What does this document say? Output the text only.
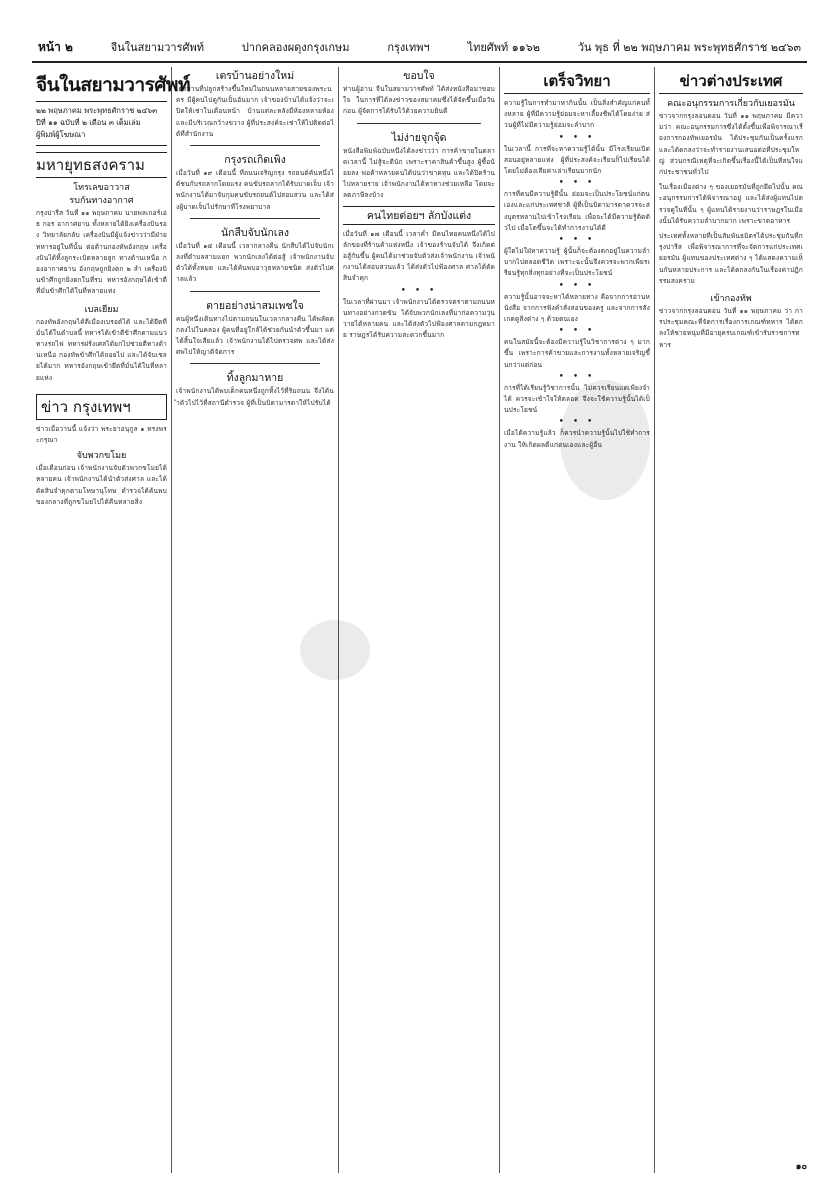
หน้า ๒	จีนในสยามวารศัพท์	ปากคลองผดุงกรุงเกษม	กรุงเทพฯ	ไทยศัพท์ ๑๑๖๒	วัน พุธ ที่ ๒๒ พฤษภาคม พระพุทธศักราช ๒๔๖๓
จีนในสยามวารศัพท์
๒๒ พฤษภาคม พระพุทธศักราช ๒๔๖๓
ปีที่ ๑๑ ฉบับที่ ๒ เดือน ๓ เต็มเล่ม
ผู้พิมพ์ผู้โฆษณา
มหายุทธสงคราม
โทรเลขอาวาส
รบกันทางอากาศ
กรุงปารีส วันที่ ๑๑ พฤษภาคม นายพลเกอร์เอธ กอร อากาศยาน ทั้งหลายได้ยิงเครื่องบินรอง วิทยาลัยกลับ เครื่องบินมีผู้แจ้งข่าวว่ามีฝ่ายทหารอยู่ในที่นั้น ต่อต้านกองทัพอังกฤษ เครื่องบินได้ทิ้งลูกระเบิดหลายลูก ทางด้านเหนือ กองอากาศยาน อังกฤษถูกยิงตก ๒ ลำ เครื่องบินข้าศึกถูกยิงตกในที่รบ ทหารอังกฤษได้เข้าตีที่มั่นข้าศึกได้ในที่หลายแห่ง
เบลเยียม
กองทัพอังกฤษได้ตีเมืองเบรอต์ได้ และได้ยึดที่มั่นได้ในตำบลนี้ ทหารได้เข้าตีข้าศึกตามแนวทางรถไฟ ทหารฝรั่งเศสได้ยกไปช่วยตีทางด้านเหนือ กองทัพข้าศึกได้ถอยไป และได้จับเชลยได้มาก ทหารอังกฤษเข้ายึดที่มั่นได้ในที่หลายแห่ง
ข่าว กรุงเทพฯ
ข่าวเมื่อวานนี้ แจ้งว่า พระยาอนุกูล ๑ ทรงพระกรุณา
จับพวกขโมย
เมื่อเดือนก่อน เจ้าพนักงานจับตัวพวกขโมยได้หลายคน เจ้าพนักงานได้นำตัวส่งศาล และได้ตัดสินจำคุกตามโทษานุโทษ ตำรวจได้ค้นพบของกลางที่ถูกขโมยไปได้คืนหลายสิ่ง
เตรบ้านอย่างใหม่
เตรบ้านที่ปลูกสร้างขึ้นใหม่ในถนนหลายสายของพระนคร มีผู้คนไปดูกันเป็นอันมาก เจ้าของบ้านได้แจ้งว่าจะเปิดให้เช่าในเดือนหน้า บ้านแต่ละหลังมีห้องหลายห้อง และมีบริเวณกว้างขวาง ผู้ที่ประสงค์จะเช่าให้ไปติดต่อได้ที่สำนักงาน
กรุงรถเกิดเพิง
เมื่อวันที่ ๑๙ เดือนนี้ ที่ถนนเจริญกรุง รถยนต์คันหนึ่งได้ชนกับรถลากโดยแรง คนขับรถลากได้รับบาดเจ็บ เจ้าพนักงานได้มาจับกุมคนขับรถยนต์ไปสอบสวน และได้ส่งผู้บาดเจ็บไปรักษาที่โรงพยาบาล
นักสืบจับนักเลง
เมื่อวันที่ ๑๕ เดือนนี้ เวลากลางคืน นักสืบได้ไปจับนักเลงที่ตำบลสามแยก พวกนักเลงได้ต่อสู้ เจ้าพนักงานจับตัวได้ทั้งหมด และได้ค้นพบอาวุธหลายชนิด ส่งตัวไปศาลแล้ว
ตายอย่างน่าสมเพชใจ
คนผู้หนึ่งเดินทางไปตามถนนในเวลากลางคืน ได้พลัดตกลงไปในคลอง ผู้คนที่อยู่ใกล้ได้ช่วยกันนำตัวขึ้นมา แต่ได้สิ้นใจเสียแล้ว เจ้าพนักงานได้ไปตรวจศพ และได้ส่งศพไปให้ญาติจัดการ
ทิ้งลูกมาหาย
เจ้าพนักงานได้พบเด็กคนหนึ่งถูกทิ้งไว้ที่ริมถนน จึงได้นำตัวไปไว้ที่สถานีตำรวจ ผู้ที่เป็นบิดามารดาให้ไปรับได้
ขอบใจ
ท่านผู้อ่าน จีนในสยามวารศัพท์ ได้ส่งหนังสือมาขอบใจ ในการที่ได้ลงข่าวของสมาคมซึ่งได้จัดขึ้นเมื่อวันก่อน ผู้จัดการได้รับไว้ด้วยความยินดี
ไม่ง่ายจุกจุ้ด
หนังสือพิมพ์ฉบับหนึ่งได้ลงข่าวว่า การค้าขายในตลาดเวลานี้ ไม่สู้จะดีนัก เพราะราคาสินค้าขึ้นสูง ผู้ซื้อน้อยลง พ่อค้าหลายคนได้บ่นว่าขาดทุน และได้ปิดร้านไปหลายราย เจ้าพนักงานได้หาทางช่วยเหลือ โดยจะลดภาษีลงบ้าง
คนไทยต่อยฯ ลักบังแต่ง
เมื่อวันที่ ๑๗ เดือนนี้ เวลาค่ำ มีคนไทยคนหนึ่งได้ไปลักของที่ร้านค้าแห่งหนึ่ง เจ้าของร้านจับได้ จึงเกิดต่อสู้กันขึ้น ผู้คนได้มาช่วยจับตัวส่งเจ้าพนักงาน เจ้าพนักงานได้สอบสวนแล้ว ได้ส่งตัวไปฟ้องศาล ศาลได้ตัดสินจำคุก
• • •
ในเวลาที่ผ่านมา เจ้าพนักงานได้ตรวจตราตามถนนหนทางอย่างกวดขัน ได้จับพวกนักเลงที่มาก่อความวุ่นวายได้หลายคน และได้ส่งตัวไปฟ้องศาลตามกฎหมาย ราษฎรได้รับความสะดวกขึ้นมาก
เตร็จวิทยา
ความรู้ในการทำมาหากินนั้น เป็นสิ่งสำคัญแก่คนทั้งหลาย ผู้ที่มีความรู้ย่อมจะหาเลี้ยงชีพได้โดยง่าย ส่วนผู้ที่ไม่มีความรู้ย่อมจะลำบาก
• • •
ในเวลานี้ การที่จะหาความรู้ได้นั้น มีโรงเรียนเปิดสอนอยู่หลายแห่ง ผู้ที่ประสงค์จะเรียนก็ไปเรียนได้ โดยไม่ต้องเสียค่าเล่าเรียนมากนัก
• • •
การที่คนมีความรู้ดีนั้น ย่อมจะเป็นประโยชน์แก่ตนเองและแก่ประเทศชาติ ผู้ที่เป็นบิดามารดาควรจะส่งบุตรหลานไปเข้าโรงเรียน เพื่อจะได้มีความรู้ติดตัวไป เมื่อโตขึ้นจะได้ทำการงานได้ดี
• • •
ผู้ใดไม่ใฝ่หาความรู้ ผู้นั้นก็จะต้องตกอยู่ในความลำบากไปตลอดชีวิต เพราะฉะนั้นจึงควรจะพากเพียรเรียนรู้ทุกสิ่งทุกอย่างที่จะเป็นประโยชน์
• • •
ความรู้นั้นอาจจะหาได้หลายทาง คือจากการอ่านหนังสือ จากการฟังคำสั่งสอนของครู และจากการสังเกตดูสิ่งต่าง ๆ ด้วยตนเอง
• • •
คนในสมัยนี้จะต้องมีความรู้ในวิชาการต่าง ๆ มากขึ้น เพราะการค้าขายและการงานทั้งหลายเจริญขึ้นกว่าแต่ก่อน
• • •
การที่ได้เรียนรู้วิชาการนั้น ไม่ควรเรียนแต่เพียงจำได้ ควรจะเข้าใจให้ตลอด จึงจะใช้ความรู้นั้นได้เป็นประโยชน์
• • •
เมื่อได้ความรู้แล้ว ก็ควรนำความรู้นั้นไปใช้ทำการงาน ให้เกิดผลดีแก่ตนเองและผู้อื่น
ข่าวต่างประเทศ
คณะอนุกรรมการเกี่ยวกับเยอรมัน
ข่าวจากกรุงลอนดอน วันที่ ๑๑ พฤษภาคม มีความว่า คณะอนุกรรมการซึ่งได้ตั้งขึ้นเพื่อพิจารณาเรื่องการกองทัพเยอรมัน ได้ประชุมกันเป็นครั้งแรก และได้ตกลงว่าจะทำรายงานเสนอต่อที่ประชุมใหญ่ ส่วนกรณีเหตุที่จะเกิดขึ้นเรื่องนี้ได้เป็นที่สนใจแก่ประชาชนทั่วไป
ในเรื่องเมืองต่าง ๆ ของเยอรมันที่ถูกยึดไปนั้น คณะอนุกรรมการได้พิจารณาอยู่ และได้ส่งผู้แทนไปตรวจดูในที่นั้น ๆ ผู้แทนได้รายงานว่าราษฎรในเมืองนั้นได้รับความลำบากมาก เพราะขาดอาหาร
ประเทศทั้งหลายที่เป็นสัมพันธมิตรได้ประชุมกันที่กรุงปารีส เพื่อพิจารณาการที่จะจัดการแก่ประเทศเยอรมัน ผู้แทนของประเทศต่าง ๆ ได้แสดงความเห็นกันหลายประการ และได้ตกลงกันในเรื่องค่าปฏิกรรมสงคราม
เข้ากองทัพ
ข่าวจากกรุงลอนดอน วันที่ ๑๑ พฤษภาคม ว่า การประชุมคณะที่จัดการเรื่องการเกณฑ์ทหาร ได้ตกลงให้ชายหนุ่มที่มีอายุครบเกณฑ์เข้ารับราชการทหาร
๑๐
